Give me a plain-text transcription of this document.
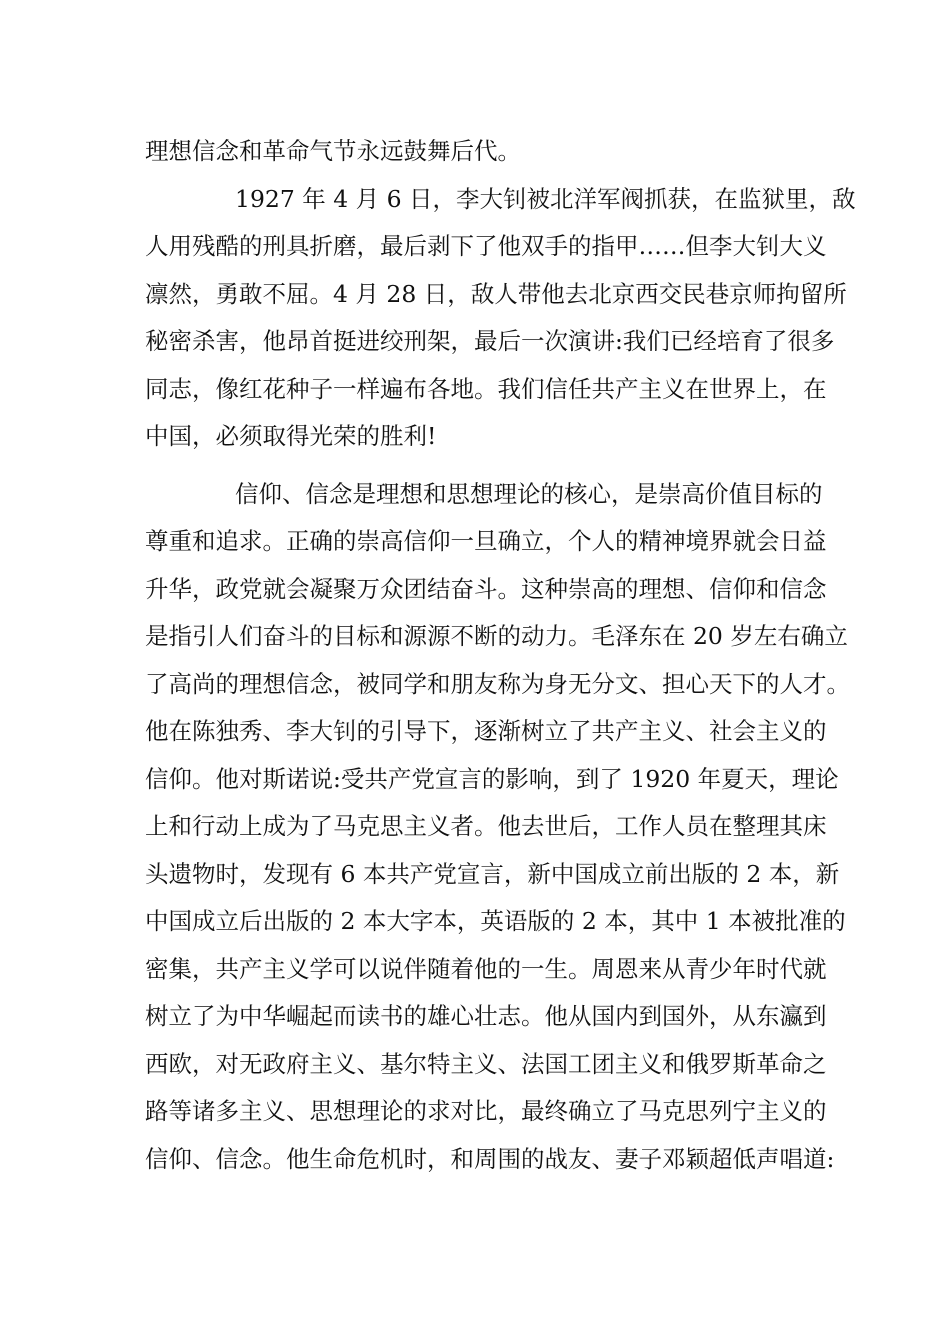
理想信念和革命气节永远鼓舞后代。
1927 年 4 月 6 日，李大钊被北洋军阀抓获，在监狱里，敌
人用残酷的刑具折磨，最后剥下了他双手的指甲……但李大钊大义
凛然，勇敢不屈。4 月 28 日，敌人带他去北京西交民巷京师拘留所
秘密杀害，他昂首挺进绞刑架，最后一次演讲:我们已经培育了很多
同志，像红花种子一样遍布各地。我们信任共产主义在世界上，在
中国，必须取得光荣的胜利!
信仰、信念是理想和思想理论的核心，是崇高价值目标的
尊重和追求。正确的崇高信仰一旦确立，个人的精神境界就会日益
升华，政党就会凝聚万众团结奋斗。这种崇高的理想、信仰和信念
是指引人们奋斗的目标和源源不断的动力。毛泽东在 20 岁左右确立
了高尚的理想信念，被同学和朋友称为身无分文、担心天下的人才。
他在陈独秀、李大钊的引导下，逐渐树立了共产主义、社会主义的
信仰。他对斯诺说:受共产党宣言的影响，到了 1920 年夏天，理论
上和行动上成为了马克思主义者。他去世后，工作人员在整理其床
头遗物时，发现有 6 本共产党宣言，新中国成立前出版的 2 本，新
中国成立后出版的 2 本大字本，英语版的 2 本，其中 1 本被批准的
密集，共产主义学可以说伴随着他的一生。周恩来从青少年时代就
树立了为中华崛起而读书的雄心壮志。他从国内到国外，从东瀛到
西欧，对无政府主义、基尔特主义、法国工团主义和俄罗斯革命之
路等诸多主义、思想理论的求对比，最终确立了马克思列宁主义的
信仰、信念。他生命危机时，和周围的战友、妻子邓颖超低声唱道:
